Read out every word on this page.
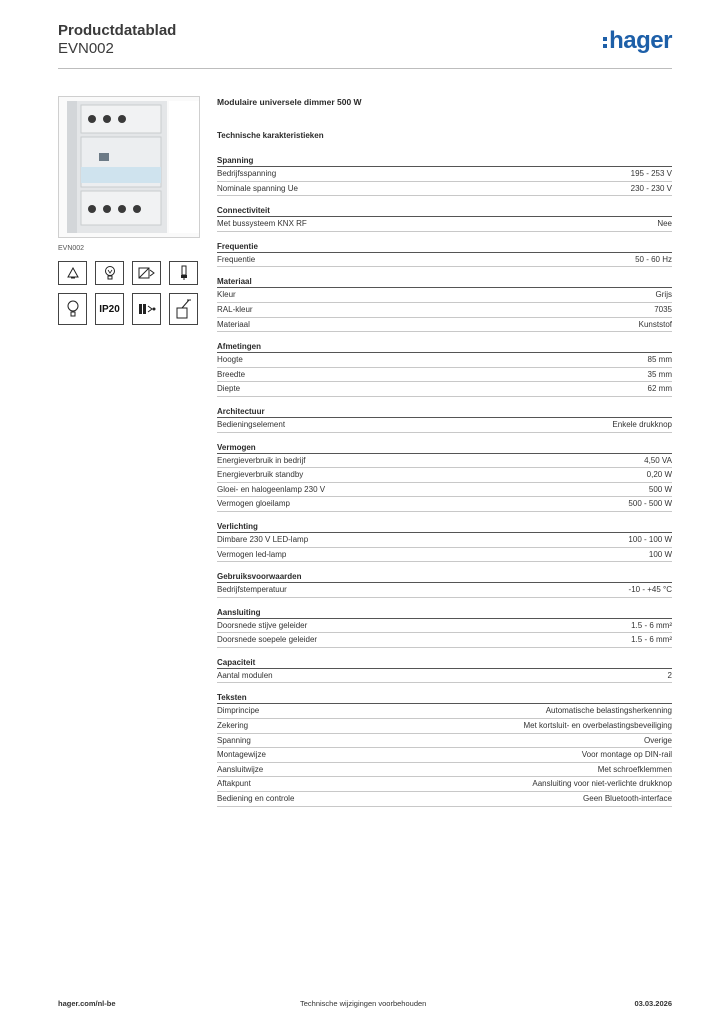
Productdatablad
EVN002	hager
EVN002
IP20
Modulaire universele dimmer 500 W
Technische karakteristieken
Spanning
Bedrijfsspanning	195 - 253 V
Nominale spanning Ue	230 - 230 V
Connectiviteit
Met bussysteem KNX RF	Nee
Frequentie
Frequentie	50 - 60 Hz
Materiaal
Kleur	Grijs
RAL-kleur	7035
Materiaal	Kunststof
Afmetingen
Hoogte	85 mm
Breedte	35 mm
Diepte	62 mm
Architectuur
Bedieningselement	Enkele drukknop
Vermogen
Energieverbruik in bedrijf	4,50 VA
Energieverbruik standby	0,20 W
Gloei- en halogeenlamp 230 V	500 W
Vermogen gloeilamp	500 - 500 W
Verlichting
Dimbare 230 V LED-lamp	100 - 100 W
Vermogen led-lamp	100 W
Gebruiksvoorwaarden
Bedrijfstemperatuur	-10 - +45 °C
Aansluiting
Doorsnede stijve geleider	1.5 - 6 mm²
Doorsnede soepele geleider	1.5 - 6 mm²
Capaciteit
Aantal modulen	2
Teksten
Dimprincipe	Automatische belastingsherkenning
Zekering	Met kortsluit- en overbelastingsbeveiliging
Spanning	Overige
Montagewijze	Voor montage op DIN-rail
Aansluitwijze	Met schroefklemmen
Aftakpunt	Aansluiting voor niet-verlichte drukknop
Bediening en controle	Geen Bluetooth-interface
hager.com/nl-be	Technische wijzigingen voorbehouden	03.03.2026
